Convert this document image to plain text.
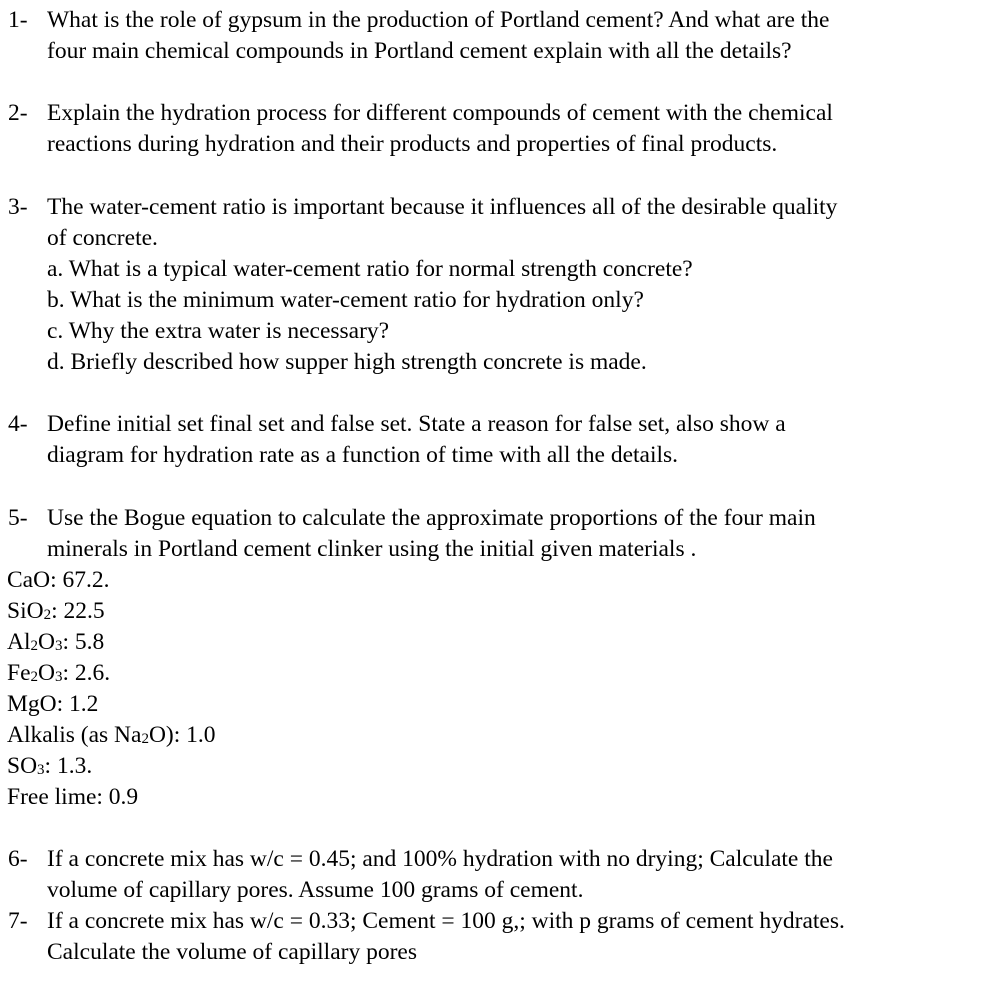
1- What is the role of gypsum in the production of Portland cement? And what are the
four main chemical compounds in Portland cement explain with all the details?
2- Explain the hydration process for different compounds of cement with the chemical
reactions during hydration and their products and properties of final products.
3- The water-cement ratio is important because it influences all of the desirable quality
of concrete.
a. What is a typical water-cement ratio for normal strength concrete?
b. What is the minimum water-cement ratio for hydration only?
c. Why the extra water is necessary?
d. Briefly described how supper high strength concrete is made.
4- Define initial set final set and false set. State a reason for false set, also show a
diagram for hydration rate as a function of time with all the details.
5- Use the Bogue equation to calculate the approximate proportions of the four main
minerals in Portland cement clinker using the initial given materials .
CaO: 67.2.
SiO2: 22.5
Al2O3: 5.8
Fe2O3: 2.6.
MgO: 1.2
Alkalis (as Na2O): 1.0
SO3: 1.3.
Free lime: 0.9
6- If a concrete mix has w/c = 0.45; and 100% hydration with no drying; Calculate the
volume of capillary pores. Assume 100 grams of cement.
7- If a concrete mix has w/c = 0.33; Cement = 100 g,; with p grams of cement hydrates.
Calculate the volume of capillary pores
